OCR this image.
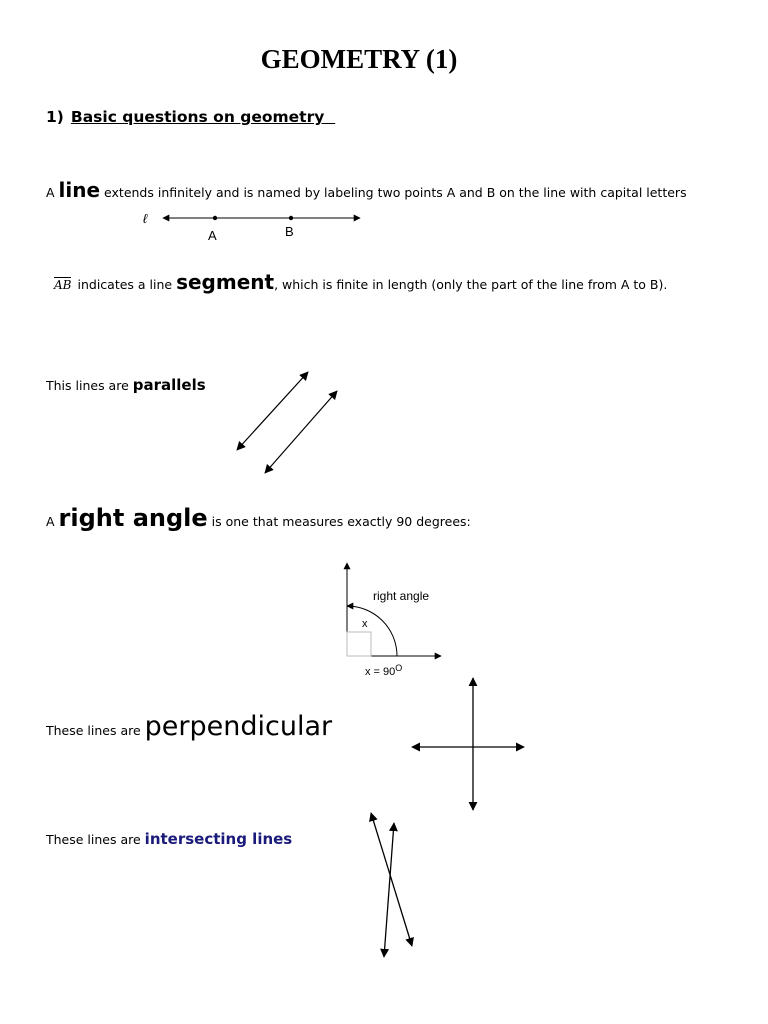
GEOMETRY (1)
1) Basic questions on geometry
A line extends infinitely and is named by labeling two points A and B on the line with capital letters
AB indicates a line segment, which is finite in length (only the part of the line from A to B).
This lines are parallels
A right angle is one that measures exactly 90 degrees:
These lines are perpendicular
These lines are intersecting lines
ℓ
A	B
right angle
x
$x = 90^O$
